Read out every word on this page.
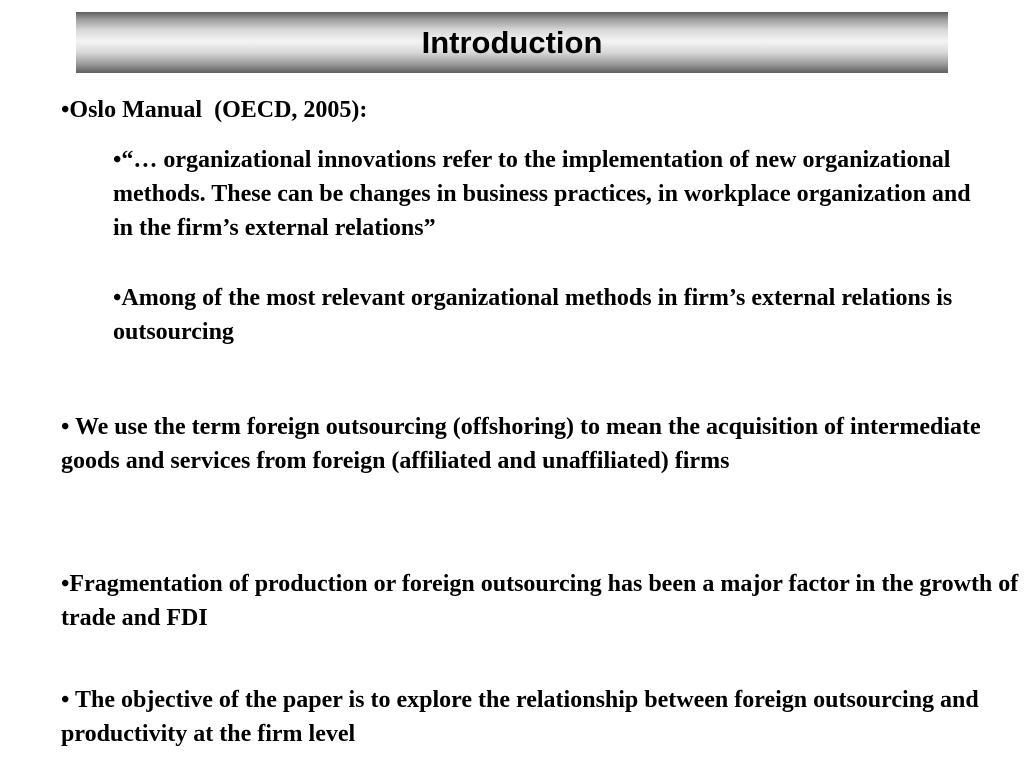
Introduction

•Oslo Manual  (OECD, 2005):

•“… organizational innovations refer to the implementation of new organizational methods. These can be changes in business practices, in workplace organization and in the firm’s external relations”

•Among of the most relevant organizational methods in firm’s external relations is outsourcing

• We use the term foreign outsourcing (offshoring) to mean the acquisition of intermediate goods and services from foreign (affiliated and unaffiliated) firms

•Fragmentation of production or foreign outsourcing has been a major factor in the growth of trade and FDI

• The objective of the paper is to explore the relationship between foreign outsourcing and productivity at the firm level
